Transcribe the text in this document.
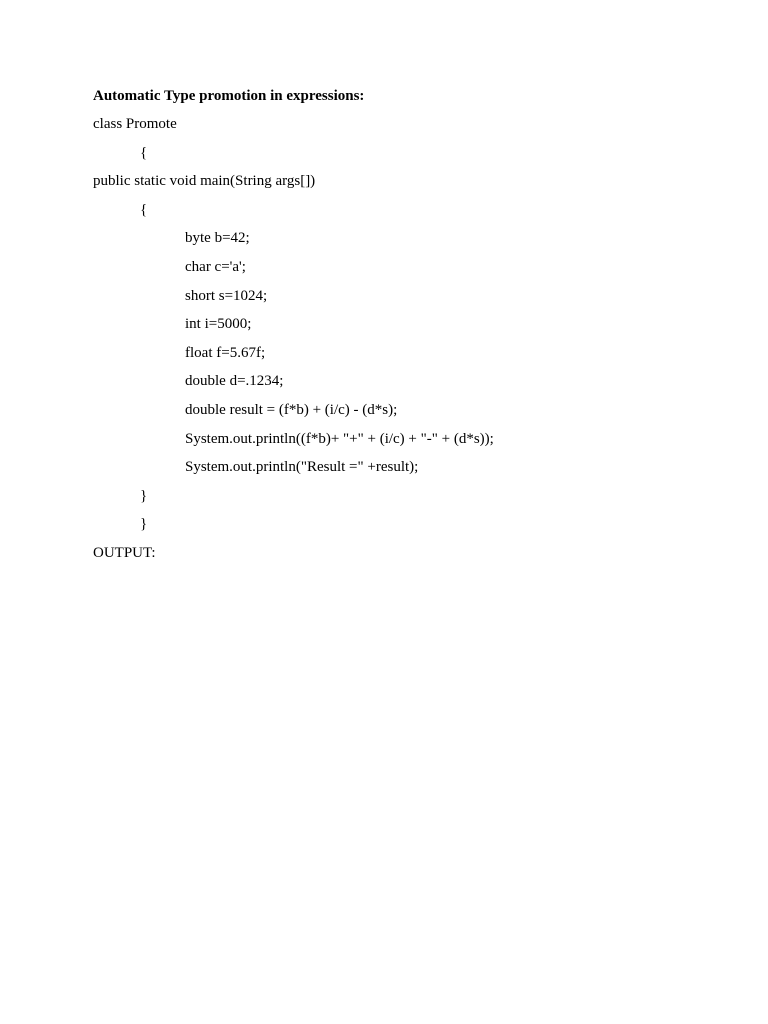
Automatic Type promotion in expressions:
class Promote
{
public static void main(String args[])
{
byte b=42;
char c='a';
short s=1024;
int i=5000;
float f=5.67f;
double d=.1234;
double result = (f*b) + (i/c) - (d*s);
System.out.println((f*b)+ "+" + (i/c) + "-" + (d*s));
System.out.println("Result =" +result);
}
}
OUTPUT:
